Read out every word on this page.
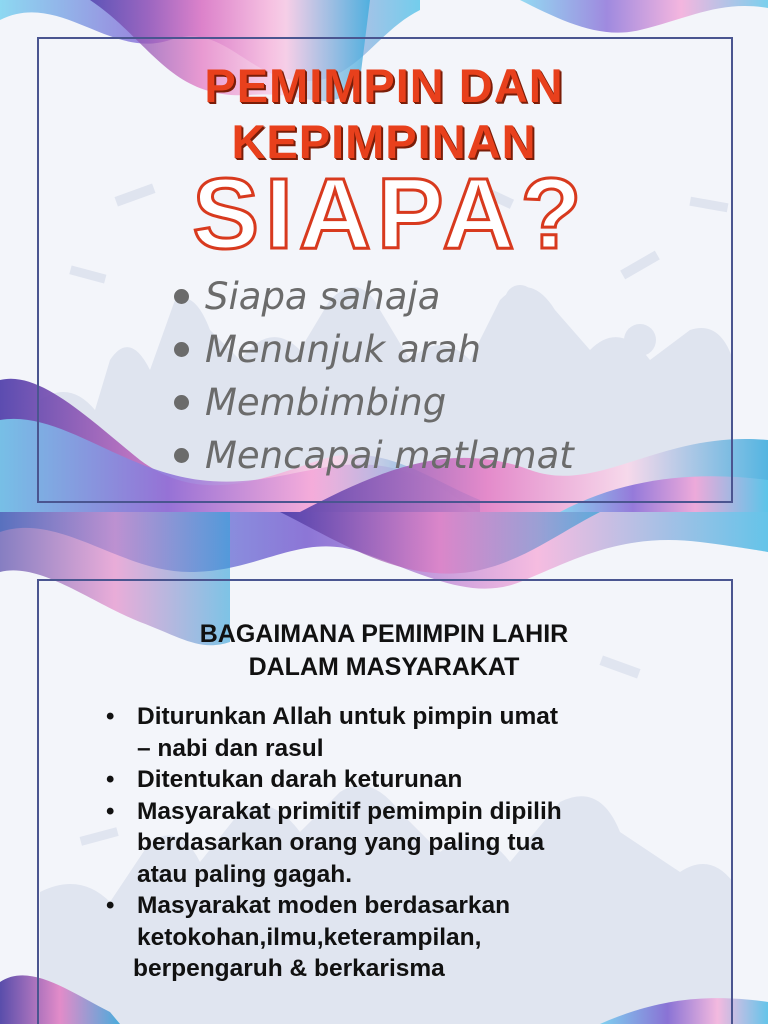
PEMIMPIN DAN
KEPIMPINAN
SIAPA?
Siapa sahaja
Menunjuk arah
Membimbing
Mencapai matlamat
BAGAIMANA PEMIMPIN LAHIR
DALAM MASYARAKAT
• Diturunkan Allah untuk pimpin umat
– nabi dan rasul
• Ditentukan darah keturunan
• Masyarakat primitif pemimpin dipilih
berdasarkan orang yang paling tua
atau paling gagah.
• Masyarakat moden berdasarkan
ketokohan,ilmu,keterampilan,
berpengaruh & berkarisma
